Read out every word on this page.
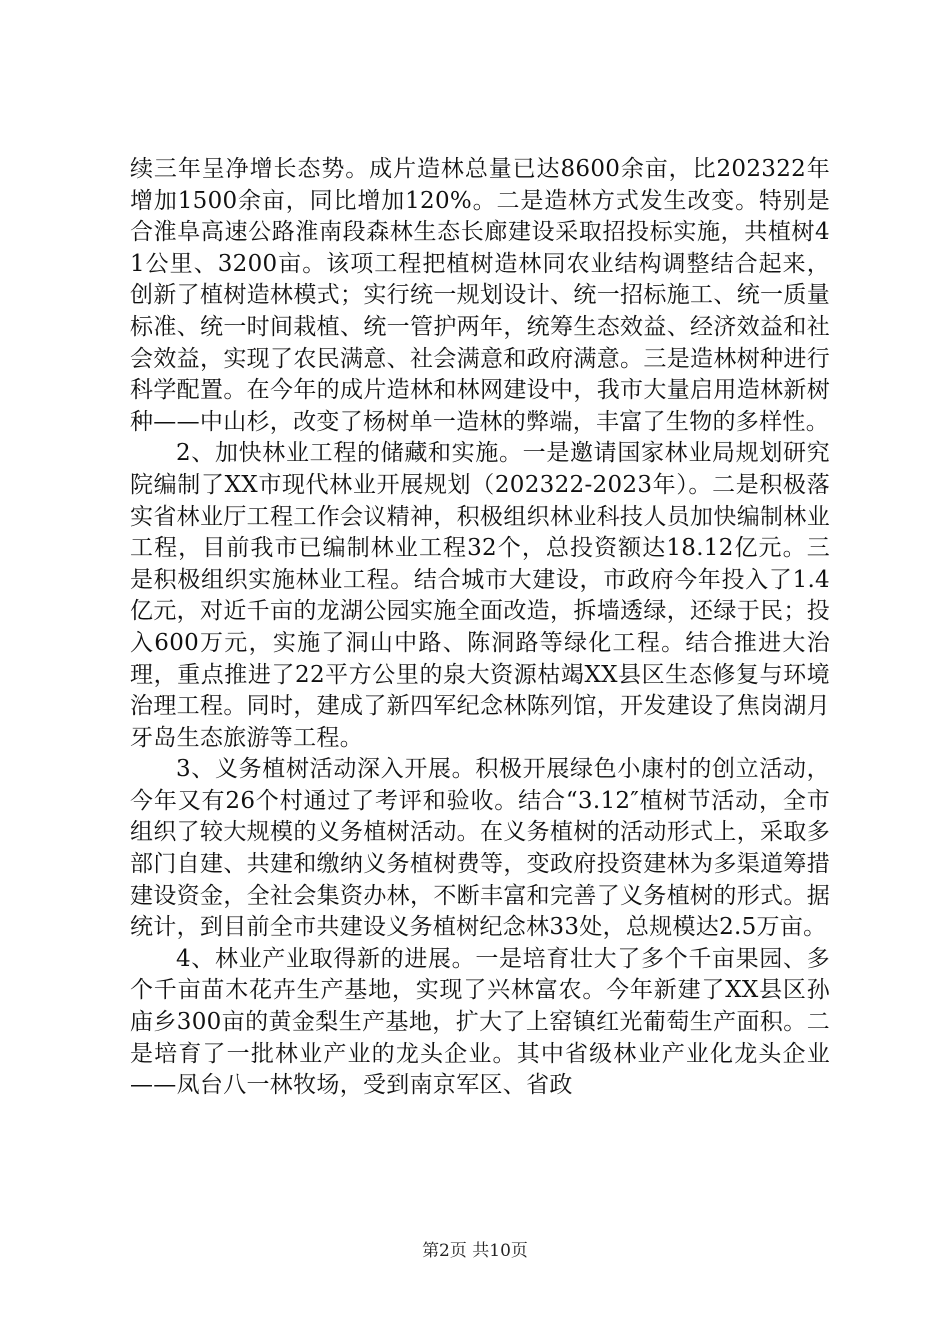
续三年呈净增长态势。成片造林总量已达8600余亩，比202322年增加1500余亩，同比增加120%。二是造林方式发生改变。特别是合淮阜高速公路淮南段森林生态长廊建设采取招投标实施，共植树41公里、3200亩。该项工程把植树造林同农业结构调整结合起来，创新了植树造林模式；实行统一规划设计、统一招标施工、统一质量标准、统一时间栽植、统一管护两年，统筹生态效益、经济效益和社会效益，实现了农民满意、社会满意和政府满意。三是造林树种进行科学配置。在今年的成片造林和林网建设中，我市大量启用造林新树种——中山杉，改变了杨树单一造林的弊端，丰富了生物的多样性。

2、加快林业工程的储藏和实施。一是邀请国家林业局规划研究院编制了XX市现代林业开展规划（202322-2023年）。二是积极落实省林业厅工程工作会议精神，积极组织林业科技人员加快编制林业工程，目前我市已编制林业工程32个，总投资额达18.12亿元。三是积极组织实施林业工程。结合城市大建设，市政府今年投入了1.4亿元，对近千亩的龙湖公园实施全面改造，拆墙透绿，还绿于民；投入600万元，实施了洞山中路、陈洞路等绿化工程。结合推进大治理，重点推进了22平方公里的泉大资源枯竭XX县区生态修复与环境治理工程。同时，建成了新四军纪念林陈列馆，开发建设了焦岗湖月牙岛生态旅游等工程。

3、义务植树活动深入开展。积极开展绿色小康村的创立活动，今年又有26个村通过了考评和验收。结合“3.12″植树节活动，全市组织了较大规模的义务植树活动。在义务植树的活动形式上，采取多部门自建、共建和缴纳义务植树费等，变政府投资建林为多渠道筹措建设资金，全社会集资办林，不断丰富和完善了义务植树的形式。据统计，到目前全市共建设义务植树纪念林33处，总规模达2.5万亩。

4、林业产业取得新的进展。一是培育壮大了多个千亩果园、多个千亩苗木花卉生产基地，实现了兴林富农。今年新建了XX县区孙庙乡300亩的黄金梨生产基地，扩大了上窑镇红光葡萄生产面积。二是培育了一批林业产业的龙头企业。其中省级林业产业化龙头企业——凤台八一林牧场，受到南京军区、省政

第2页 共10页
